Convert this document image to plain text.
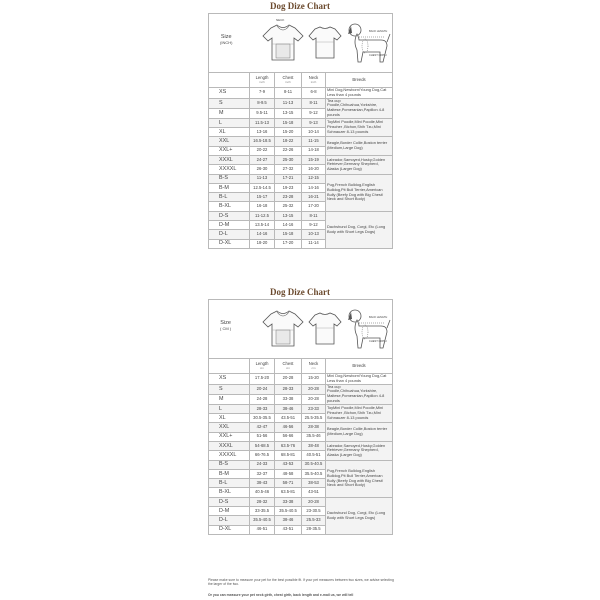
Dog Dize Chart
Size
(INCH)
NECK
BACK LENGTH
CHEST GIRTH				

	Length
inch	Chest
inch	Neck
inch	Breeds
XS	7-9	8-11	6-8	Mini Dog,Newborn/Young Dog,Cat Less than 4 pounds
S	8-9.5	11-13	8-11	Tea cup Poodle,Chihuahua,Yorkshire, Maltese,Pomeranian,Papillon 4-8 pounds
M	9.5-11	13-15	9-12	
L	11.5-13	15-18	9-13	ToyMini Poodle,Mini Poodle,Mini Pinscher ,Bichon,Shih Tzu,Mini Schnauzer 8-13 pounds
XL	13-16	15-20	10-14	
XXL	16.5-18.5	18-22	11-15	Beagle,Border Collie,Boston terrier (Medium,Large Dog)
XXL+	20-22	22-26	14-18	
XXXL	24-27	25-30	15-19	Labrador,Samoyed,Husky,Golden Retriever,Germany Shepherd, Alaska (Larger Dog)
XXXXL	26-30	27-32	16-20	
B-S	11-13	17-21	12-15	Pug,French Bulldog,English Bulldog,Pit Bull Terrier,American Bully (Beefy Dog with Big Chest/ Neck and Short Body)
B-M	12.5-14.5	19-23	14-16	
B-L	15-17	23-28	16-21	
B-XL	16-18	25-32	17-20	
D-S	11-12.5	13-15	8-11	Dachshund Dog, Corgi, Etc (Long Body with Short Legs Dogs)
D-M	13.5-14	14-16	9-12	
D-L	14-16	15-18	10-13	
D-XL	18-20	17-20	11-14	
Dog Dize Chart
Size
( CM )
BACK LENGTH
CHEST GIRTH				

	Length
cm	Chest
cm	Neck
cm	Breeds
XS	17.5-20	20-28	15-20	Mini Dog,Newborn/Young Dog,Cat Less than 4 pounds
S	20-24	28-33	20-28	Tea cup Poodle,Chihuahua,Yorkshire, Maltese,Pomeranian,Papillon 4-8 pounds
M	24-28	33-38	20-28	
L	28-33	38-46	23-33	ToyMini Poodle,Mini Poodle,Mini Pinscher ,Bichon,Shih Tzu,Mini Schnauzer 8-13 pounds
XL	30.5-35.5	43.5-51	25.5-35.5	
XXL	42-47	46-56	28-38	Beagle,Border Collie,Boston terrier (Medium,Large Dog)
XXL+	51-56	56-66	35.5-46	
XXXL	54-68.5	63.5-76	38-48	Labrador,Samoyed,Husky,Golden Retriever,Germany Shepherd, Alaska (Larger Dog)
XXXXL	66-76.5	68.5-81	40.5-51	
B-S	24-33	43-53	30.5-40.5	Pug,French Bulldog,English Bulldog,Pit Bull Terrier,American Bully (Beefy Dog with Big Chest/ Neck and Short Body)
B-M	32-37	48-58	35.5-40.5	
B-L	38-43	58-71	38-53	
B-XL	40.5-46	63.5-81	43-51	
D-S	28-32	33-38	20-28	Dachshund Dog, Corgi, Etc (Long Body with Short Legs Dogs)
D-M	33-35.5	35.5-40.5	23-30.5	
D-L	35.5-40.5	38-46	25.5-33	
D-XL	46-51	43-51	28-35.5	
Please make sure to measure your pet for the best possible fit. If your pet measures between two sizes, we advise selecting the larger of the two.
Or you can measure your pet neck girth, chest girth, back length and e-mail us, we will tell
